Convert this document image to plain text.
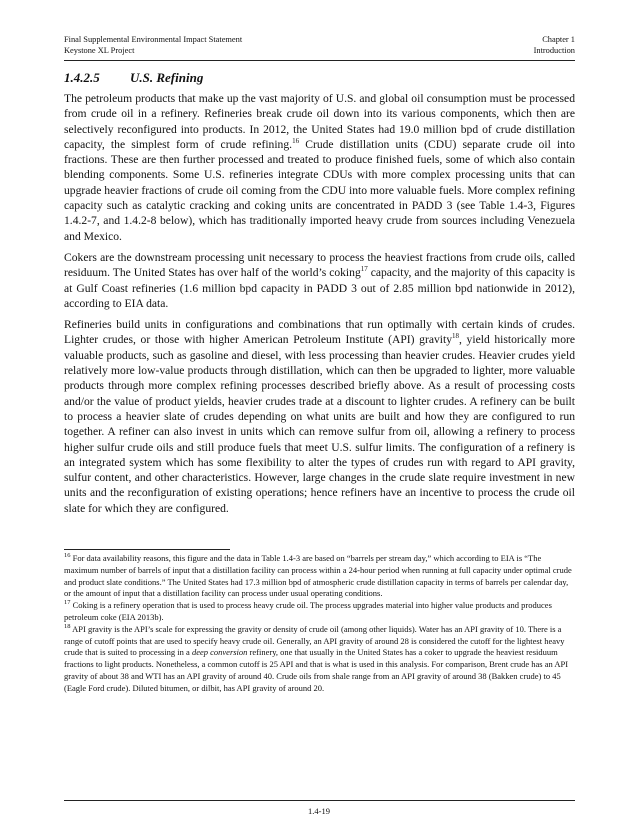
Final Supplemental Environmental Impact Statement	Chapter 1
Keystone XL Project	Introduction
1.4.2.5 U.S. Refining

The petroleum products that make up the vast majority of U.S. and global oil consumption must be processed from crude oil in a refinery. Refineries break crude oil down into its various components, which then are selectively reconfigured into products. In 2012, the United States had 19.0 million bpd of crude distillation capacity, the simplest form of crude refining.$^{16}$ Crude distillation units (CDU) separate crude oil into fractions. These are then further processed and treated to produce finished fuels, some of which also contain blending components. Some U.S. refineries integrate CDUs with more complex processing units that can upgrade heavier fractions of crude oil coming from the CDU into more valuable fuels. More complex refining capacity such as catalytic cracking and coking units are concentrated in PADD 3 (see Table 1.4-3, Figures 1.4.2-7, and 1.4.2-8 below), which has traditionally imported heavy crude from sources including Venezuela and Mexico.

Cokers are the downstream processing unit necessary to process the heaviest fractions from crude oils, called residuum. The United States has over half of the world’s coking$^{17}$ capacity, and the majority of this capacity is at Gulf Coast refineries (1.6 million bpd capacity in PADD 3 out of 2.85 million bpd nationwide in 2012), according to EIA data.

Refineries build units in configurations and combinations that run optimally with certain kinds of crudes. Lighter crudes, or those with higher American Petroleum Institute (API) gravity$^{18}$, yield historically more valuable products, such as gasoline and diesel, with less processing than heavier crudes. Heavier crudes yield relatively more low-value products through distillation, which can then be upgraded to lighter, more valuable products through more complex refining processes described briefly above. As a result of processing costs and/or the value of product yields, heavier crudes trade at a discount to lighter crudes. A refinery can be built to process a heavier slate of crudes depending on what units are built and how they are configured to run together. A refiner can also invest in units which can remove sulfur from oil, allowing a refinery to process higher sulfur crude oils and still produce fuels that meet U.S. sulfur limits. The configuration of a refinery is an integrated system which has some flexibility to alter the types of crudes run with regard to API gravity, sulfur content, and other characteristics. However, large changes in the crude slate require investment in new units and the reconfiguration of existing operations; hence refiners have an incentive to process the crude oil slate for which they are configured.

$^{16}$ For data availability reasons, this figure and the data in Table 1.4-3 are based on “barrels per stream day,” which according to EIA is “The maximum number of barrels of input that a distillation facility can process within a 24-hour period when running at full capacity under optimal crude and product slate conditions.” The United States had 17.3 million bpd of atmospheric crude distillation capacity in terms of barrels per calendar day, or the amount of input that a distillation facility can process under usual operating conditions.

$^{17}$ Coking is a refinery operation that is used to process heavy crude oil. The process upgrades material into higher value products and produces petroleum coke (EIA 2013b).

$^{18}$ API gravity is the API’s scale for expressing the gravity or density of crude oil (among other liquids). Water has an API gravity of 10. There is a range of cutoff points that are used to specify heavy crude oil. Generally, an API gravity of around 28 is considered the cutoff for the lightest heavy crude that is suited to processing in a deep conversion refinery, one that usually in the United States has a coker to upgrade the heaviest residuum fractions to light products. Nonetheless, a common cutoff is 25 API and that is what is used in this analysis. For comparison, Brent crude has an API gravity of about 38 and WTI has an API gravity of around 40. Crude oils from shale range from an API gravity of around 38 (Bakken crude) to 45 (Eagle Ford crude). Diluted bitumen, or dilbit, has API gravity of around 20.

1.4-19
